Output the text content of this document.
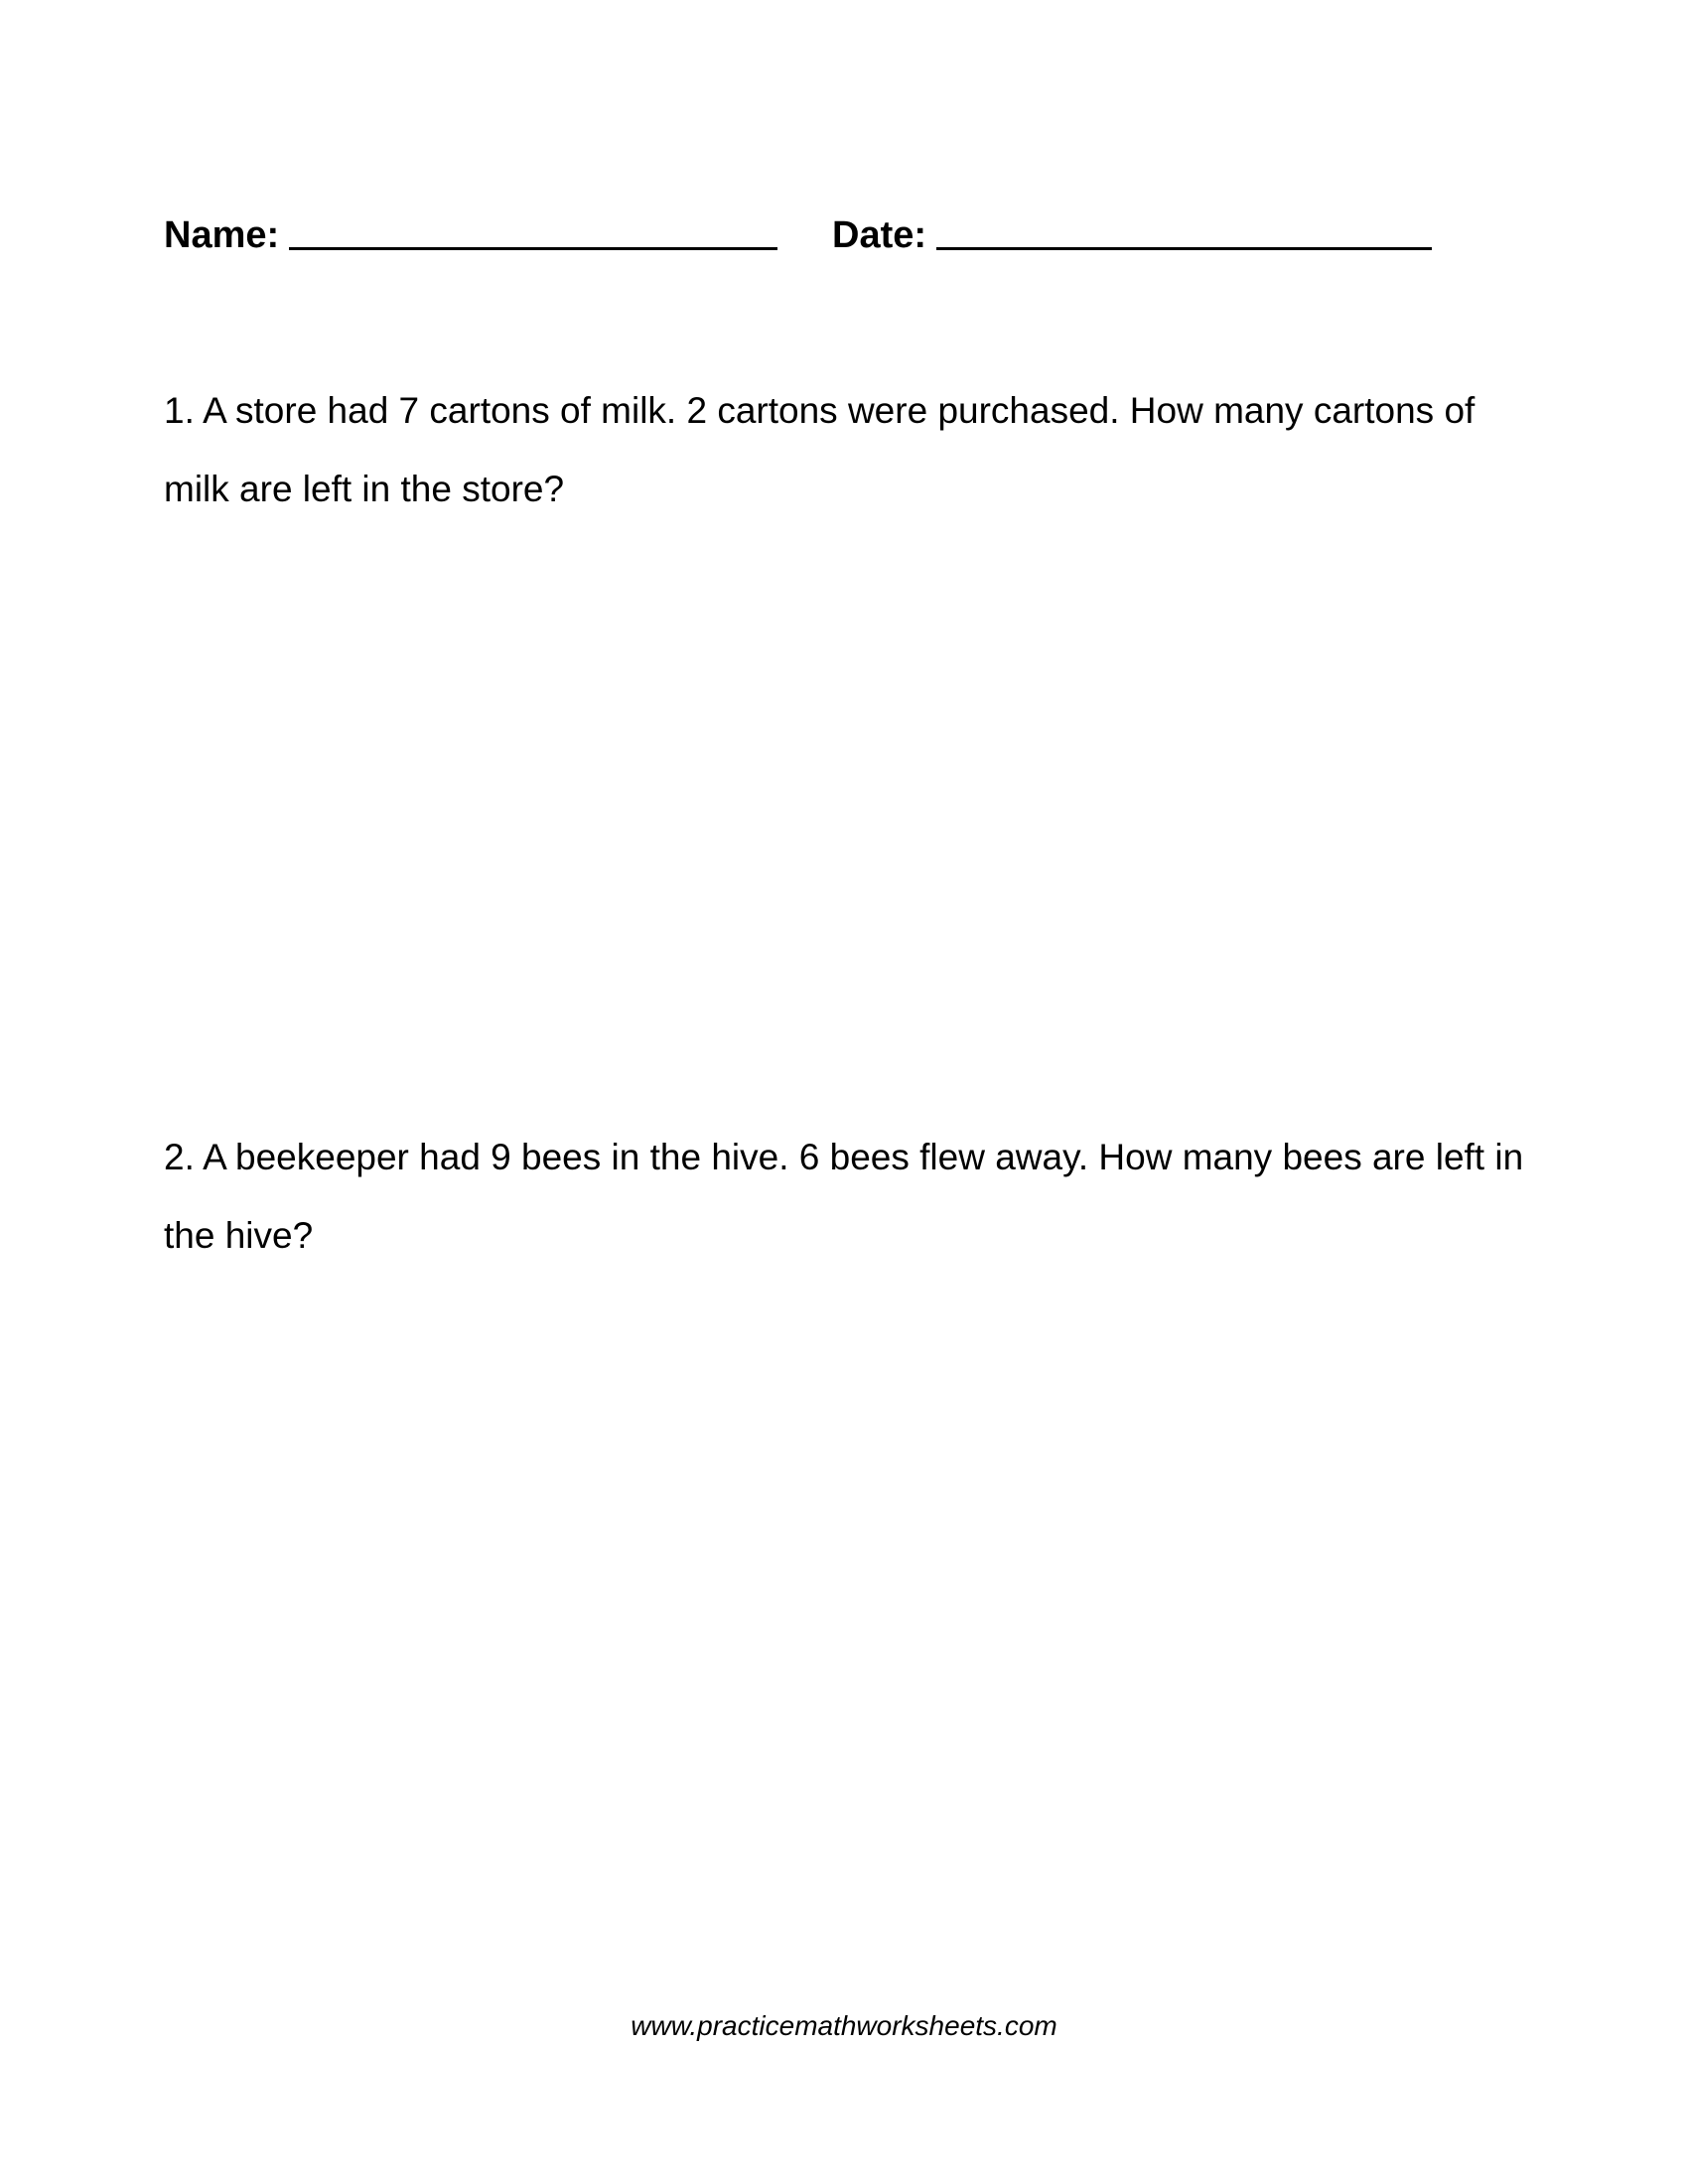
Name:	Date:

1. A store had 7 cartons of milk. 2 cartons were purchased. How many cartons of milk are left in the store?

2. A beekeeper had 9 bees in the hive. 6 bees flew away. How many bees are left in the hive?

www.practicemathworksheets.com
